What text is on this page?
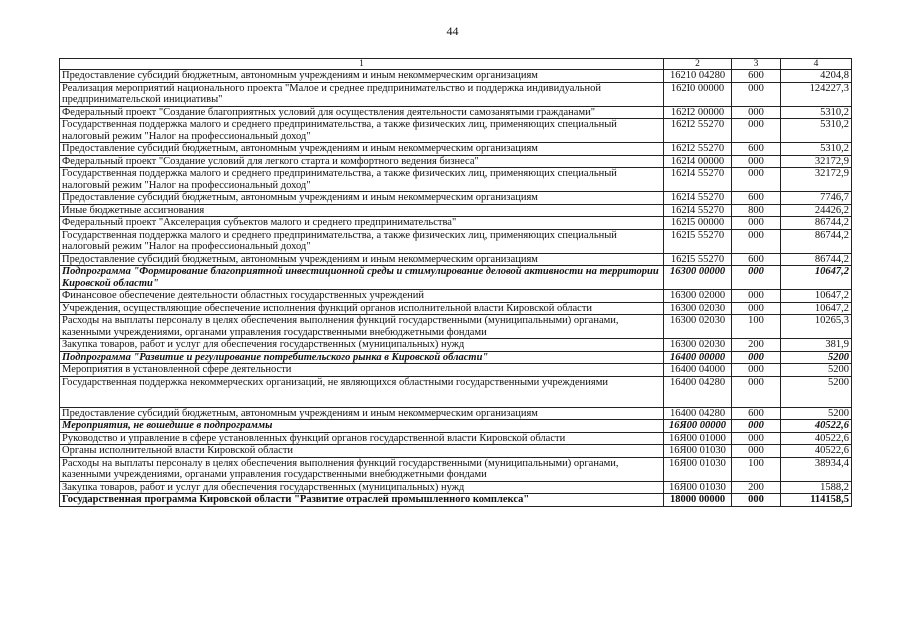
44
1	2	3	4
Предоставление субсидий бюджетным, автономным учреждениям и иным некоммерческим организациям	16210 04280	600	4204,8
Реализация мероприятий национального проекта "Малое и среднее предпринимательство и поддержка индивидуальной предпринимательской инициативы"	162I0 00000	000	124227,3
Федеральный проект "Создание благоприятных условий для осуществления деятельности самозанятыми гражданами"	162I2 00000	000	5310,2
Государственная поддержка малого и среднего предпринимательства, а также физических лиц, применяющих специальный налоговый режим "Налог на профессиональный доход"	162I2 55270	000	5310,2
Предоставление субсидий бюджетным, автономным учреждениям и иным некоммерческим организациям	162I2 55270	600	5310,2
Федеральный проект "Создание условий для легкого старта и комфортного ведения бизнеса"	162I4 00000	000	32172,9
Государственная поддержка малого и среднего предпринимательства, а также физических лиц, применяющих специальный налоговый режим "Налог на профессиональный доход"	162I4 55270	000	32172,9
Предоставление субсидий бюджетным, автономным учреждениям и иным некоммерческим организациям	162I4 55270	600	7746,7
Иные бюджетные ассигнования	162I4 55270	800	24426,2
Федеральный проект "Акселерация субъектов малого и среднего предпринимательства"	162I5 00000	000	86744,2
Государственная поддержка малого и среднего предпринимательства, а также физических лиц, применяющих специальный налоговый режим "Налог на профессиональный доход"	162I5 55270	000	86744,2
Предоставление субсидий бюджетным, автономным учреждениям и иным некоммерческим организациям	162I5 55270	600	86744,2
Подпрограмма "Формирование благоприятной инвестиционной среды и стимулирование деловой активности на территории Кировской области"	16300 00000	000	10647,2
Финансовое обеспечение деятельности областных государственных учреждений	16300 02000	000	10647,2
Учреждения, осуществляющие обеспечение исполнения функций органов исполнительной власти Кировской области	16300 02030	000	10647,2
Расходы на выплаты персоналу в целях обеспечения выполнения функций государственными (муниципальными) органами, казенными учреждениями, органами управления государственными внебюджетными фондами	16300 02030	100	10265,3
Закупка товаров, работ и услуг для обеспечения государственных (муниципальных) нужд	16300 02030	200	381,9
Подпрограмма "Развитие и регулирование потребительского рынка в Кировской области"	16400 00000	000	5200
Мероприятия в установленной сфере деятельности	16400 04000	000	5200
Государственная поддержка некоммерческих организаций, не являющихся областными государственными учреждениями	16400 04280	000	5200
Предоставление субсидий бюджетным, автономным учреждениям и иным некоммерческим организациям	16400 04280	600	5200
Мероприятия, не вошедшие в подпрограммы	16Я00 00000	000	40522,6
Руководство и управление в сфере установленных функций органов государственной власти Кировской области	16Я00 01000	000	40522,6
Органы исполнительной власти Кировской области	16Я00 01030	000	40522,6
Расходы на выплаты персоналу в целях обеспечения выполнения функций государственными (муниципальными) органами, казенными учреждениями, органами управления государственными внебюджетными фондами	16Я00 01030	100	38934,4
Закупка товаров, работ и услуг для обеспечения государственных (муниципальных) нужд	16Я00 01030	200	1588,2
Государственная программа Кировской области "Развитие отраслей промышленного комплекса"	18000 00000	000	114158,5
